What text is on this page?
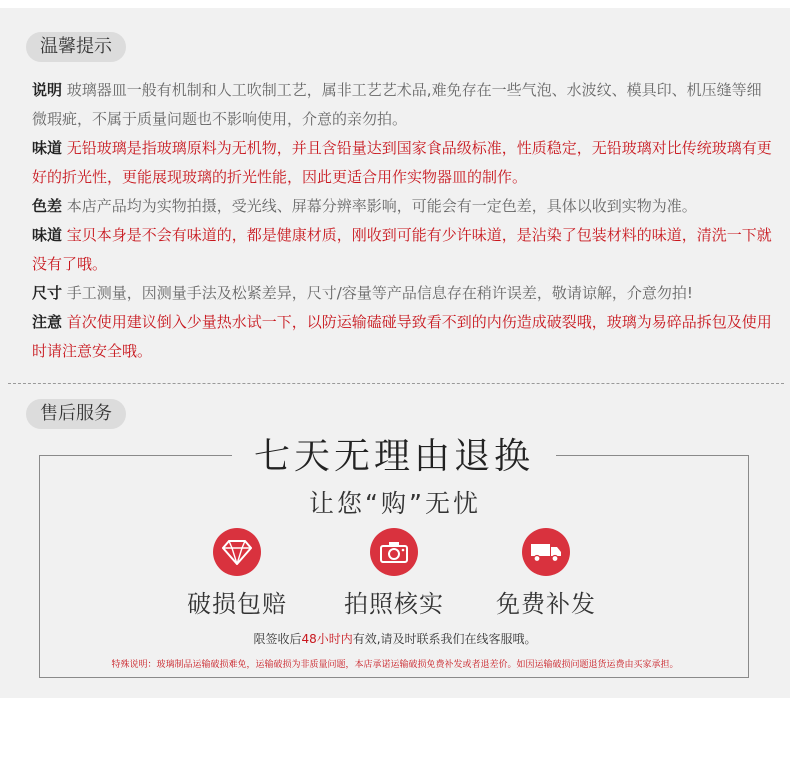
温馨提示
说明 玻璃器皿一般有机制和人工吹制工艺，属非工艺艺术品,难免存在一些气泡、水波纹、模具印、机压缝等细微瑕疵，不属于质量问题也不影响使用，介意的亲勿拍。
味道 无铅玻璃是指玻璃原料为无机物，并且含铅量达到国家食品级标准，性质稳定，无铅玻璃对比传统玻璃有更好的折光性，更能展现玻璃的折光性能，因此更适合用作实物器皿的制作。
色差 本店产品均为实物拍摄，受光线、屏幕分辨率影响，可能会有一定色差，具体以收到实物为准。
味道 宝贝本身是不会有味道的，都是健康材质，刚收到可能有少许味道，是沾染了包装材料的味道，清洗一下就没有了哦。
尺寸 手工测量，因测量手法及松紧差异，尺寸/容量等产品信息存在稍许误差，敬请谅解，介意勿拍!
注意 首次使用建议倒入少量热水试一下，以防运输磕碰导致看不到的内伤造成破裂哦，玻璃为易碎品拆包及使用时请注意安全哦。
售后服务
七天无理由退换
让您“购”无忧
破损包赔	拍照核实	免费补发
限签收后48小时内有效,请及时联系我们在线客服哦。
特殊说明：玻璃制品运输破损难免，运输破损为非质量问题，本店承诺运输破损免费补发或者退差价。如因运输破损问题退货运费由买家承担。
